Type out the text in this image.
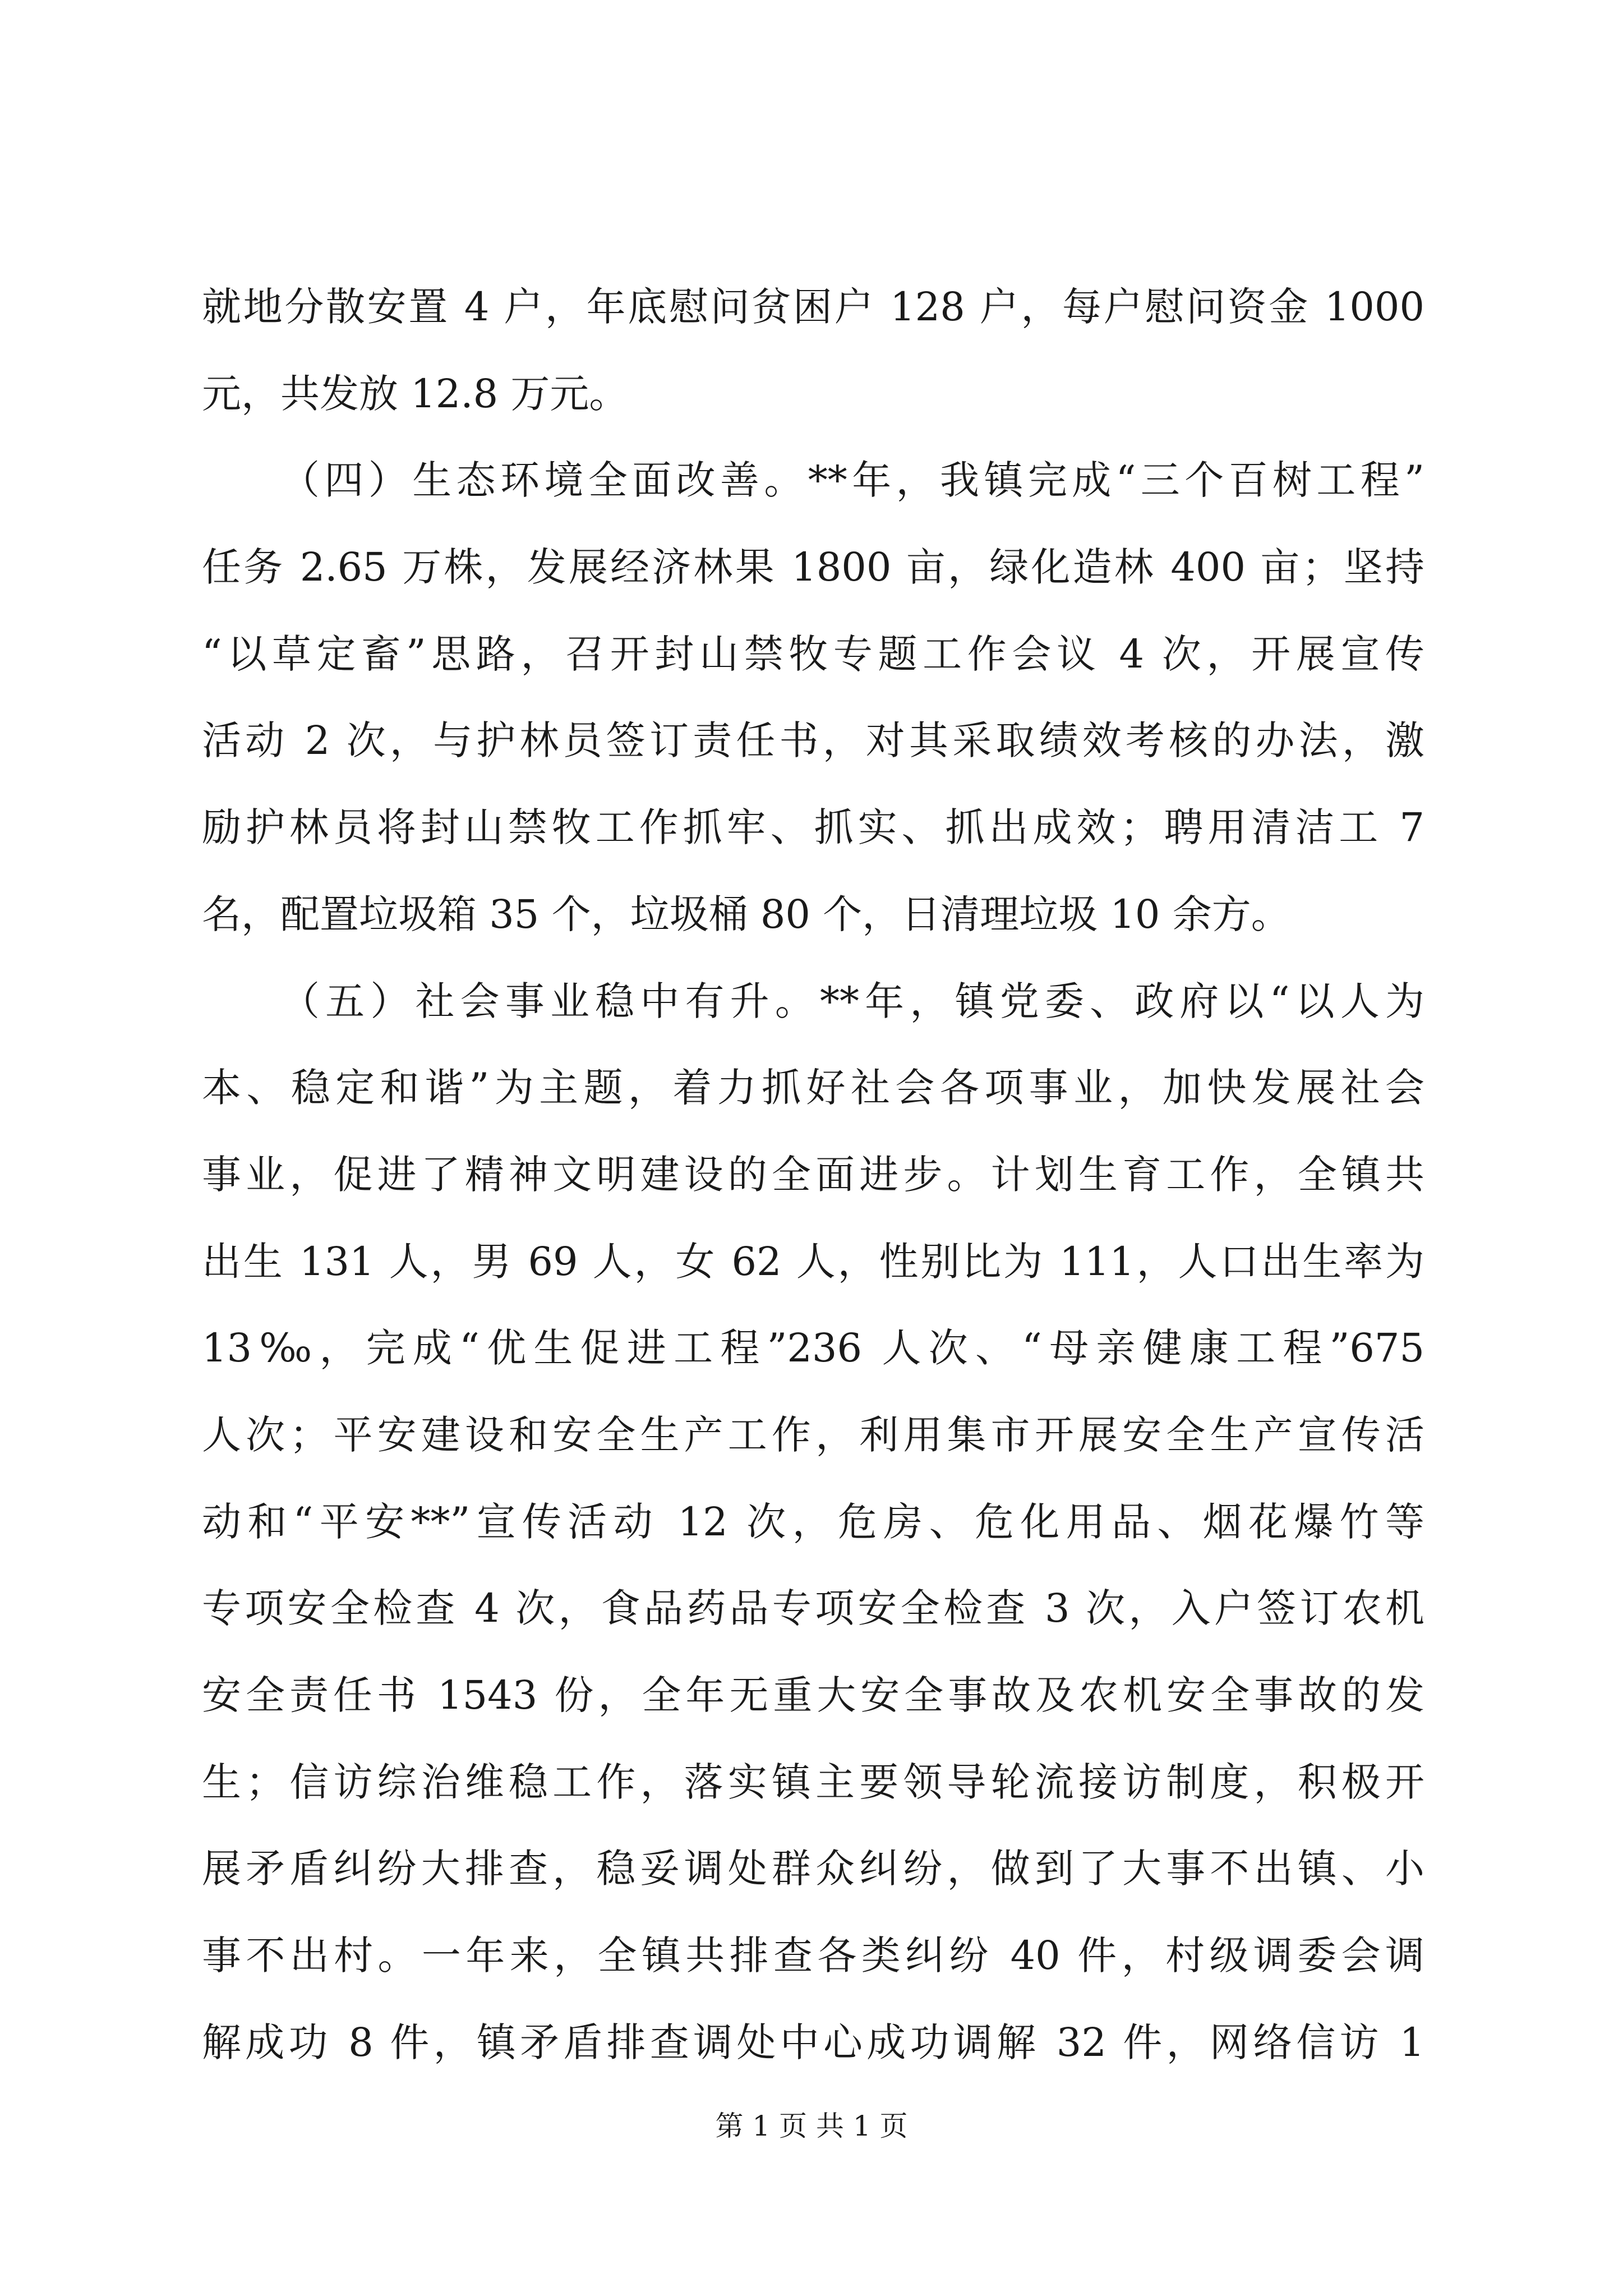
就地分散安置 4 户，年底慰问贫困户 128 户，每户慰问资金 1000
元，共发放 12.8 万元。
（四）生态环境全面改善。**年，我镇完成“三个百树工程”
任务 2.65 万株，发展经济林果 1800 亩，绿化造林 400 亩；坚持
“以草定畜”思路，召开封山禁牧专题工作会议 4 次，开展宣传
活动 2 次，与护林员签订责任书，对其采取绩效考核的办法，激
励护林员将封山禁牧工作抓牢、抓实、抓出成效；聘用清洁工 7
名，配置垃圾箱 35 个，垃圾桶 80 个，日清理垃圾 10 余方。
（五）社会事业稳中有升。**年，镇党委、政府以“以人为
本、稳定和谐”为主题，着力抓好社会各项事业，加快发展社会
事业，促进了精神文明建设的全面进步。计划生育工作，全镇共
出生 131 人，男 69 人，女 62 人，性别比为 111，人口出生率为
13‰，完成“优生促进工程”236 人次、“母亲健康工程”675
人次；平安建设和安全生产工作，利用集市开展安全生产宣传活
动和“平安**”宣传活动 12 次，危房、危化用品、烟花爆竹等
专项安全检查 4 次，食品药品专项安全检查 3 次，入户签订农机
安全责任书 1543 份，全年无重大安全事故及农机安全事故的发
生；信访综治维稳工作，落实镇主要领导轮流接访制度，积极开
展矛盾纠纷大排查，稳妥调处群众纠纷，做到了大事不出镇、小
事不出村。一年来，全镇共排查各类纠纷 40 件，村级调委会调
解成功 8 件，镇矛盾排查调处中心成功调解 32 件，网络信访 1
第 1 页 共 1 页
